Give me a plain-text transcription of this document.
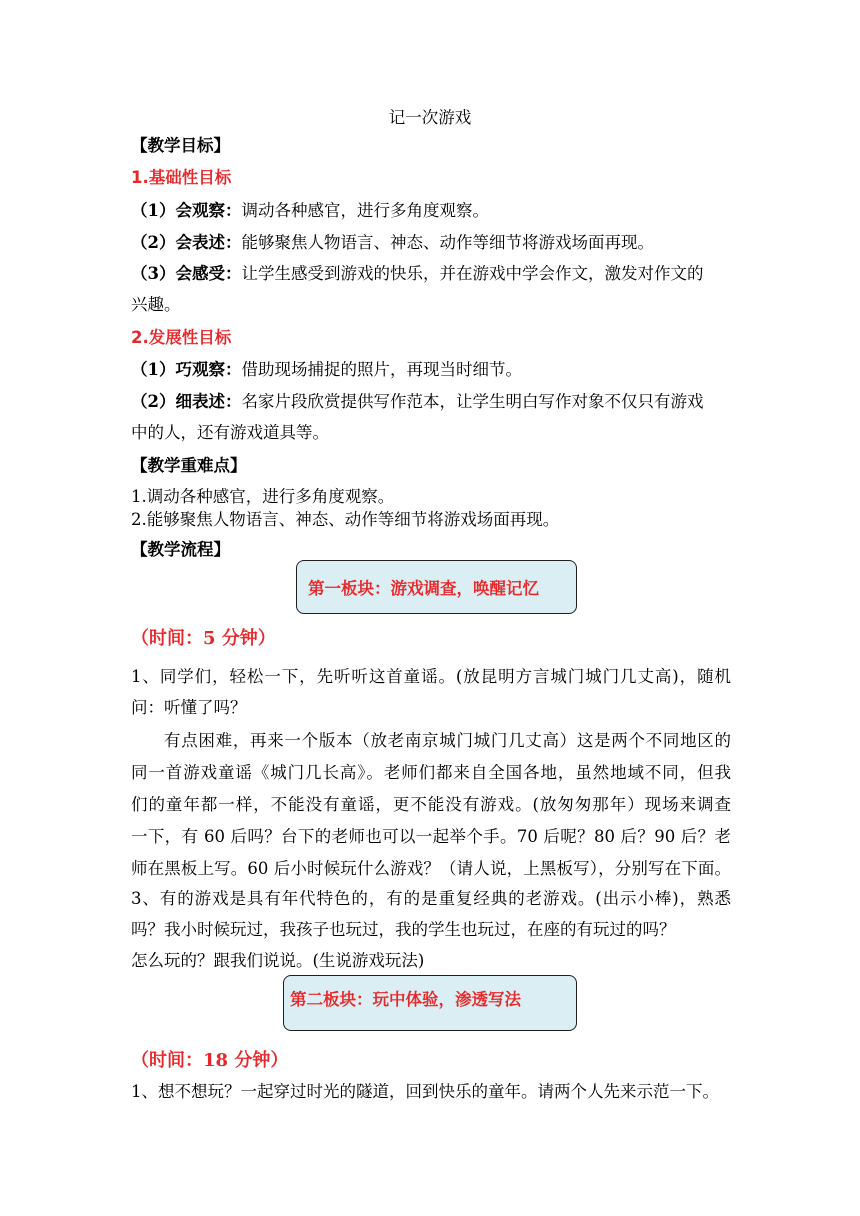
记一次游戏
【教学目标】
1.基础性目标
（1）会观察：调动各种感官，进行多角度观察。
（2）会表述：能够聚焦人物语言、神态、动作等细节将游戏场面再现。
（3）会感受：让学生感受到游戏的快乐，并在游戏中学会作文，激发对作文的
兴趣。
2.发展性目标
（1）巧观察：借助现场捕捉的照片，再现当时细节。
（2）细表述：名家片段欣赏提供写作范本，让学生明白写作对象不仅只有游戏
中的人，还有游戏道具等。
【教学重难点】
1.调动各种感官，进行多角度观察。
2.能够聚焦人物语言、神态、动作等细节将游戏场面再现。
【教学流程】
第一板块：游戏调查，唤醒记忆
（时间：5 分钟）
1、同学们，轻松一下，先听听这首童谣。(放昆明方言城门城门几丈高)，随机
问：听懂了吗？
有点困难，再来一个版本（放老南京城门城门几丈高）这是两个不同地区的
同一首游戏童谣《城门几长高》。老师们都来自全国各地，虽然地域不同，但我
们的童年都一样，不能没有童谣，更不能没有游戏。(放匆匆那年）现场来调查
一下，有 60 后吗？台下的老师也可以一起举个手。70 后呢？80 后？90 后？老
师在黑板上写。60 后小时候玩什么游戏？（请人说，上黑板写），分别写在下面。
3、有的游戏是具有年代特色的，有的是重复经典的老游戏。(出示小棒)，熟悉
吗？我小时候玩过，我孩子也玩过，我的学生也玩过，在座的有玩过的吗？
怎么玩的？跟我们说说。(生说游戏玩法)
第二板块：玩中体验，渗透写法
（时间：18 分钟）
1、想不想玩？一起穿过时光的隧道，回到快乐的童年。请两个人先来示范一下。
